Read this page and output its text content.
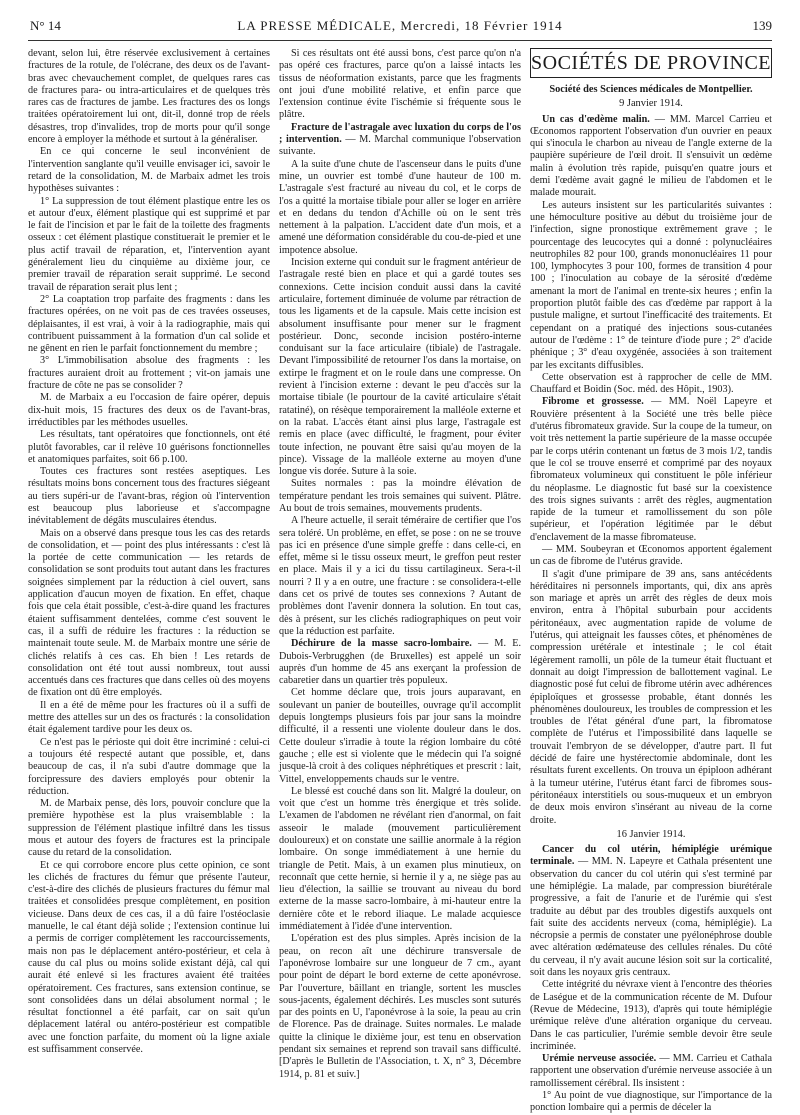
N° 14	LA PRESSE MÉDICALE, Mercredi, 18 Février 1914	139

devant, selon lui, être réservée exclusivement à certaines fractures de la rotule, de l'olécrane, des deux os de l'avant-bras avec chevauchement complet, de quelques rares cas de fractures para- ou intra-articulaires et de quelques très rares cas de fractures de jambe. Les fractures des os longs traitées opératoirement lui ont, dit-il, donné trop de réels désastres, trop d'invalides, trop de morts pour qu'il songe encore à employer la méthode et surtout à la généraliser.

En ce qui concerne le seul inconvénient de l'intervention sanglante qu'il veuille envisager ici, savoir le retard de la consolidation, M. de Marbaix admet les trois hypothèses suivantes :

1° La suppression de tout élément plastique entre les os et autour d'eux, élément plastique qui est supprimé et par le fait de l'incision et par le fait de la toilette des fragments osseux : cet élément plastique constituerait le premier et le plus actif travail de réparation, et, l'intervention ayant généralement lieu du cinquième au dixième jour, ce premier travail de réparation serait supprimé. Le second travail de réparation serait plus lent ;

2° La coaptation trop parfaite des fragments : dans les fractures opérées, on ne voit pas de ces travées osseuses, déplaisantes, il est vrai, à voir à la radiographie, mais qui contribuent puissamment à la formation d'un cal solide et ne gênent en rien le parfait fonctionnement du membre ;

3° L'immobilisation absolue des fragments : les fractures auraient droit au frottement ; vit-on jamais une fracture de côte ne pas se consolider ?

M. de Marbaix a eu l'occasion de faire opérer, depuis dix-huit mois, 15 fractures des deux os de l'avant-bras, irréductibles par les méthodes usuelles.

Les résultats, tant opératoires que fonctionnels, ont été plutôt favorables, car il relève 10 guérisons fonctionnelles et anatomiques parfaites, soit 66 p.100.

Toutes ces fractures sont restées aseptiques. Les résultats moins bons concernent tous des fractures siégeant au tiers supéri-ur de l'avant-bras, région où l'intervention est beaucoup plus laborieuse et s'accompagne inévitablement de dégâts musculaires étendus.

Mais on a observé dans presque tous les cas des retards de consolidation, et — point des plus intéressants : c'est là la portée de cette communication — les retards de consolidation se sont produits tout autant dans les fractures soignées simplement par la réduction à ciel ouvert, sans application d'aucun moyen de fixation. En effet, chaque fois que cela était possible, c'est-à-dire quand les fractures étaient suffisamment dentelées, comme c'est souvent le cas, il a suffi de réduire les fractures : la réduction se maintenait toute seule. M. de Marbaix montre une série de clichés relatifs à ces cas. Eh bien ! Les retards de consolidation ont été tout aussi nombreux, tout aussi accentués dans ces fractures que dans celles où des moyens de fixation ont dû être employés.

Il en a été de même pour les fractures où il a suffi de mettre des attelles sur un des os fracturés : la consolidation était également tardive pour les deux os.

Ce n'est pas le périoste qui doit être incriminé : celui-ci a toujours été respecté autant que possible, et, dans beaucoup de cas, il n'a subi d'autre dommage que la forcipressure des daviers employés pour obtenir la réduction.

M. de Marbaix pense, dès lors, pouvoir conclure que la première hypothèse est la plus vraisemblable : la suppression de l'élément plastique infiltré dans les tissus mous et autour des foyers de fractures est la principale cause du retard de la consolidation.

Et ce qui corrobore encore plus cette opinion, ce sont les clichés de fractures du fémur que présente l'auteur, c'est-à-dire des clichés de plusieurs fractures du fémur mal traitées et consolidées presque complètement, en position vicieuse. Dans deux de ces cas, il a dû faire l'ostéoclasie manuelle, le cal étant déjà solide ; l'extension continue lui a permis de corriger complètement les raccourcissements, mais non pas le déplacement antéro-postérieur, et cela à cause du cal plus ou moins solide existant déjà, cal qui aurait été enlevé si les fractures avaient été traitées opératoirement. Ces fractures, sans extension continue, se sont consolidées dans un délai absolument normal ; le résultat fonctionnel a été parfait, car on sait qu'un déplacement latéral ou antéro-postérieur est compatible avec une fonction parfaite, du moment où la ligne axiale est suffisamment conservée.

Si ces résultats ont été aussi bons, c'est parce qu'on n'a pas opéré ces fractures, parce qu'on a laissé intacts les tissus de néoformation existants, parce que les fragments ont joui d'une mobilité relative, et enfin parce que l'extension continue évite l'ischémie si fréquente sous le plâtre.

Fracture de l'astragale avec luxation du corps de l'os ; intervention. — M. Marchal communique l'observation suivante.

A la suite d'une chute de l'ascenseur dans le puits d'une mine, un ouvrier est tombé d'une hauteur de 100 m. L'astragale s'est fracturé au niveau du col, et le corps de l'os a quitté la mortaise tibiale pour aller se loger en arrière et en dedans du tendon d'Achille où on le sent très nettement à la palpation. L'accident date d'un mois, et a amené une déformation considérable du cou-de-pied et une impotence absolue.

Incision externe qui conduit sur le fragment antérieur de l'astragale resté bien en place et qui a gardé toutes ses connexions. Cette incision conduit aussi dans la cavité articulaire, fortement diminuée de volume par rétraction de tous les ligaments et de la capsule. Mais cette incision est absolument insuffisante pour mener sur le fragment postérieur. Donc, seconde incision postéro-interne conduisant sur la face articulaire (tibiale) de l'astragale. Devant l'impossibilité de retourner l'os dans la mortaise, on extirpe le fragment et on le roule dans une compresse. On revient à l'incision externe : devant le peu d'accès sur la mortaise tibiale (le pourtour de la cavité articulaire s'était ratatiné), on résèque temporairement la malléole externe et on la rabat. L'accès étant ainsi plus large, l'astragale est remis en place (avec difficulté, le fragment, pour éviter toute infection, ne pouvant être saisi qu'au moyen de la pince). Vissage de la malléole externe au moyen d'une longue vis dorée. Suture à la soie.

Suites normales : pas la moindre élévation de température pendant les trois semaines qui suivent. Plâtre. Au bout de trois semaines, mouvements prudents.

A l'heure actuelle, il serait téméraire de certifier que l'os sera toléré. Un problème, en effet, se pose : on ne se trouve pas ici en présence d'une simple greffe : dans celle-ci, en effet, même si le tissu osseux meurt, le greffon peut rester en place. Mais il y a ici du tissu cartilagineux. Sera-t-il nourri ? Il y a en outre, une fracture : se consolidera-t-elle dans cet os privé de toutes ses connexions ? Autant de problèmes dont l'avenir donnera la solution. En tout cas, dès à présent, sur les clichés radiographiques on peut voir que la réduction est parfaite.

Déchirure de la masse sacro-lombaire. — M. E. Dubois-Verbrugghen (de Bruxelles) est appelé un soir auprès d'un homme de 45 ans exerçant la profession de cabaretier dans un quartier très populeux.

Cet homme déclare que, trois jours auparavant, en soulevant un panier de bouteilles, ouvrage qu'il accomplit depuis longtemps plusieurs fois par jour sans la moindre difficulté, il a ressenti une violente douleur dans le dos. Cette douleur s'irradie à toute la région lombaire du côté gauche ; elle est si violente que le médecin qui l'a soigné jusque-là croit à des coliques néphrétiques et prescrit : lait, Vittel, enveloppements chauds sur le ventre.

Le blessé est couché dans son lit. Malgré la douleur, on voit que c'est un homme très énergique et très solide. L'examen de l'abdomen ne révélant rien d'anormal, on fait asseoir le malade (mouvement particulièrement douloureux) et on constate une saillie anormale à la région lombaire. On songe immédiatement à une hernie du triangle de Petit. Mais, à un examen plus minutieux, on reconnaît que cette hernie, si hernie il y a, ne siège pas au lieu d'élection, la saillie se trouvant au niveau du bord externe de la masse sacro-lombaire, à mi-hauteur entre la dernière côte et le rebord iliaque. Le malade acquiesce immédiatement à l'idée d'une intervention.

L'opération est des plus simples. Après incision de la peau, on recon aît une déchirure transversale de l'aponévrose lombaire sur une longueur de 7 cm., ayant pour point de départ le bord externe de cette aponévrose. Par l'ouverture, bâillant en triangle, sortent les muscles sous-jacents, également déchirés. Les muscles sont suturés par des points en U, l'aponévrose à la soie, la peau au crin de Florence. Pas de drainage. Suites normales. Le malade quitte la clinique le dixième jour, est tenu en observation pendant six semaines et reprend son travail sans difficulté. [D'après le Bulletin de l'Association, t. X, n° 3, Décembre 1914, p. 81 et suiv.]

SOCIÉTÉS DE PROVINCE
Société des Sciences médicales de Montpellier.
9 Janvier 1914.

Un cas d'œdème malin. — MM. Marcel Carrieu et Œconomos rapportent l'observation d'un ouvrier en peaux qui s'inocula le charbon au niveau de l'angle externe de la paupière supérieure de l'œil droit. Il s'ensuivit un œdème malin à évolution très rapide, puisqu'en quatre jours et demi l'œdème avait gagné le milieu de l'abdomen et le malade mourait.

Les auteurs insistent sur les particularités suivantes : une hémoculture positive au début du troisième jour de l'infection, signe pronostique extrêmement grave ; le pourcentage des leucocytes qui a donné : polynucléaires neutrophiles 82 pour 100, grands mononucléaires 11 pour 100, lymphocytes 3 pour 100, formes de transition 4 pour 100 ; l'inoculation au cobaye de la sérosité d'œdème amenant la mort de l'animal en trente-six heures ; enfin la proportion plutôt faible des cas d'œdème par rapport à la pustule maligne, et surtout l'inefficacité des traitements. Et cependant on a pratiqué des injections sous-cutanées autour de l'œdème : 1° de teinture d'iode pure ; 2° d'acide phénique ; 3° d'eau oxygénée, associées à son traitement par les excitants diffusibles.

Cette observation est à rapprocher de celle de MM. Chauffard et Boidin (Soc. méd. des Hôpit., 1903).

Fibrome et grossesse. — MM. Noël Lapeyre et Rouvière présentent à la Société une très belle pièce d'utérus fibromateux gravide. Sur la coupe de la tumeur, on voit très nettement la partie supérieure de la masse occupée par le corps utérin contenant un fœtus de 3 mois 1/2, tandis que le col se trouve enserré et comprimé par des noyaux fibromateux volumineux qui constituent le pôle inférieur du néoplasme. Le diagnostic fut basé sur la coexistence des trois signes suivants : arrêt des règles, augmentation rapide de la tumeur et ramollissement du son pôle supérieur, et l'opération légitimée par le début d'enclavement de la masse fibromateuse.

— MM. Soubeyran et Œconomos apportent également un cas de fibrome de l'utérus gravide.

Il s'agit d'une primipare de 39 ans, sans antécédents héréditaires ni personnels importants, qui, dix ans après son mariage et après un arrêt des règles de deux mois environ, entra à l'hôpital suburbain pour accidents péritonéaux, avec augmentation rapide de volume de l'utérus, qui atteignait les fausses côtes, et phénomènes de compression urétérale et intestinale ; le col était légèrement ramolli, un pôle de la tumeur était fluctuant et donnait au doigt l'impression de ballottement vaginal. Le diagnostic posé fut celui de fibrome utérin avec adhérences épiploïques et grossesse probable, étant donnés les phénomènes douloureux, les troubles de compression et les troubles de l'état général d'une part, la fibromatose complète de l'utérus et l'impossibilité dans laquelle se trouvait l'embryon de se développer, d'autre part. Il fut décidé de faire une hystérectomie abdominale, dont les résultats furent excellents. On trouva un épiploon adhérant à la tumeur utérine, l'utérus étant farci de fibromes sous-péritonéaux interstitiels ou sous-muqueux et un embryon de deux mois environ s'insérant au niveau de la corne droite.

16 Janvier 1914.

Cancer du col utérin, hémiplégie urémique terminale. — MM. N. Lapeyre et Cathala présentent une observation du cancer du col utérin qui s'est terminé par une hémiplégie. La malade, par compression biurétérale progressive, a fait de l'anurie et de l'urémie qui s'est traduite au début par des troubles digestifs auxquels ont fait suite des accidents nerveux (coma, hémiplégie). La nécropsie a permis de constater une pyélonéphrose double avec altération œdémateuse des cellules rénales. Du côté du cerveau, il n'y avait aucune lésion soit sur la corticalité, soit dans les noyaux gris centraux.

Cette intégrité du névraxe vient à l'encontre des théories de Laségue et de la communication récente de M. Dufour (Revue de Médecine, 1913), d'après qui toute hémiplégie urémique relève d'une altération organique du cerveau. Dans le cas particulier, l'urémie semble devoir être seule incriminée.

Urémie nerveuse associée. — MM. Carrieu et Cathala rapportent une observation d'urémie nerveuse associée à un ramollissement cérébral. Ils insistent :

1° Au point de vue diagnostique, sur l'importance de la ponction lombaire qui a permis de déceler la
